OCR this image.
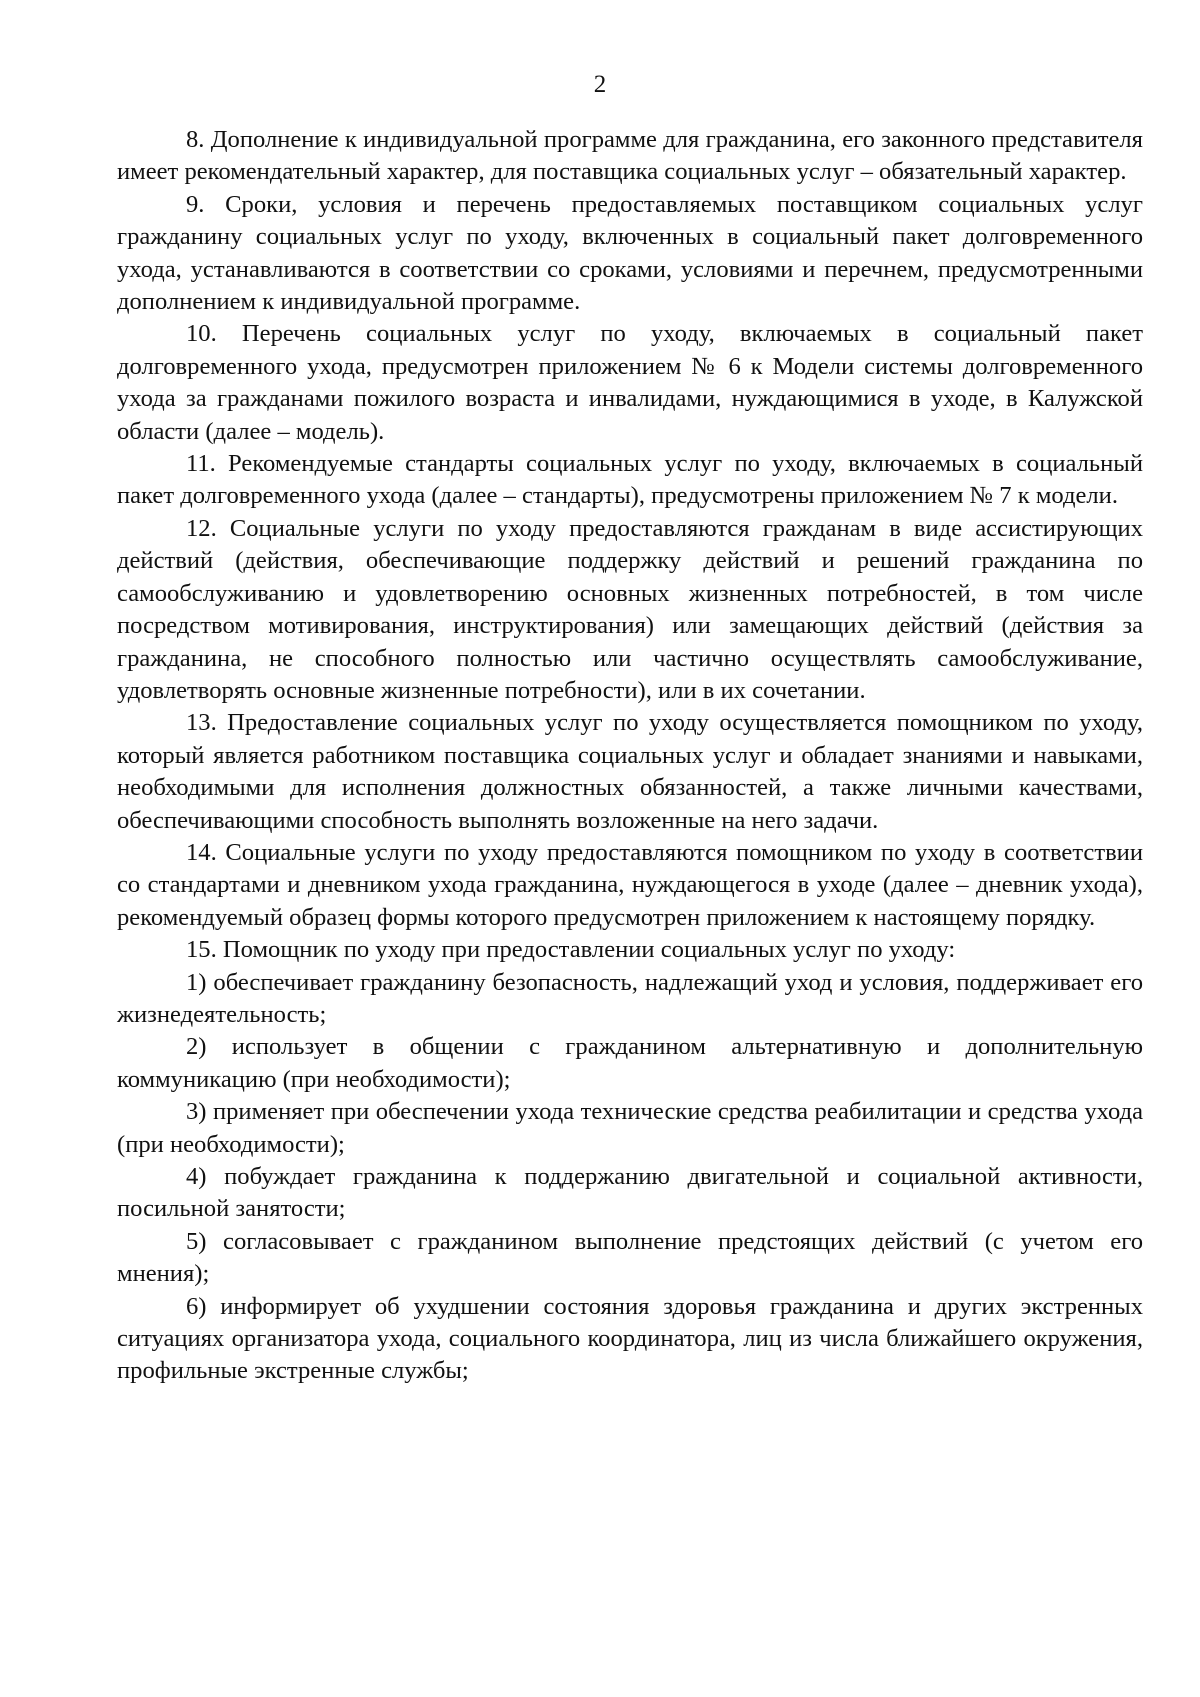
2

8. Дополнение к индивидуальной программе для гражданина, его законного представителя имеет рекомендательный характер, для поставщика социальных услуг – обязательный характер.

9. Сроки, условия и перечень предоставляемых поставщиком социальных услуг гражданину социальных услуг по уходу, включенных в социальный пакет долговременного ухода, устанавливаются в соответствии со сроками, условиями и перечнем, предусмотренными дополнением к индивидуальной программе.

10. Перечень социальных услуг по уходу, включаемых в социальный пакет долговременного ухода, предусмотрен приложением № 6 к Модели системы долговременного ухода за гражданами пожилого возраста и инвалидами, нуждающимися в уходе, в Калужской области (далее – модель).

11. Рекомендуемые стандарты социальных услуг по уходу, включаемых в социальный пакет долговременного ухода (далее – стандарты), предусмотрены приложением № 7 к модели.

12. Социальные услуги по уходу предоставляются гражданам в виде ассистирующих действий (действия, обеспечивающие поддержку действий и решений гражданина по самообслуживанию и удовлетворению основных жизненных потребностей, в том числе посредством мотивирования, инструктирования) или замещающих действий (действия за гражданина, не способного полностью или частично осуществлять самообслуживание, удовлетворять основные жизненные потребности), или в их сочетании.

13. Предоставление социальных услуг по уходу осуществляется помощником по уходу, который является работником поставщика социальных услуг и обладает знаниями и навыками, необходимыми для исполнения должностных обязанностей, а также личными качествами, обеспечивающими способность выполнять возложенные на него задачи.

14. Социальные услуги по уходу предоставляются помощником по уходу в соответствии со стандартами и дневником ухода гражданина, нуждающегося в уходе (далее – дневник ухода), рекомендуемый образец формы которого предусмотрен приложением к настоящему порядку.

15. Помощник по уходу при предоставлении социальных услуг по уходу:

1) обеспечивает гражданину безопасность, надлежащий уход и условия, поддерживает его жизнедеятельность;

2) использует в общении с гражданином альтернативную и дополнительную коммуникацию (при необходимости);

3) применяет при обеспечении ухода технические средства реабилитации и средства ухода (при необходимости);

4) побуждает гражданина к поддержанию двигательной и социальной активности, посильной занятости;

5) согласовывает с гражданином выполнение предстоящих действий (с учетом его мнения);

6) информирует об ухудшении состояния здоровья гражданина и других экстренных ситуациях организатора ухода, социального координатора, лиц из числа ближайшего окружения, профильные экстренные службы;
